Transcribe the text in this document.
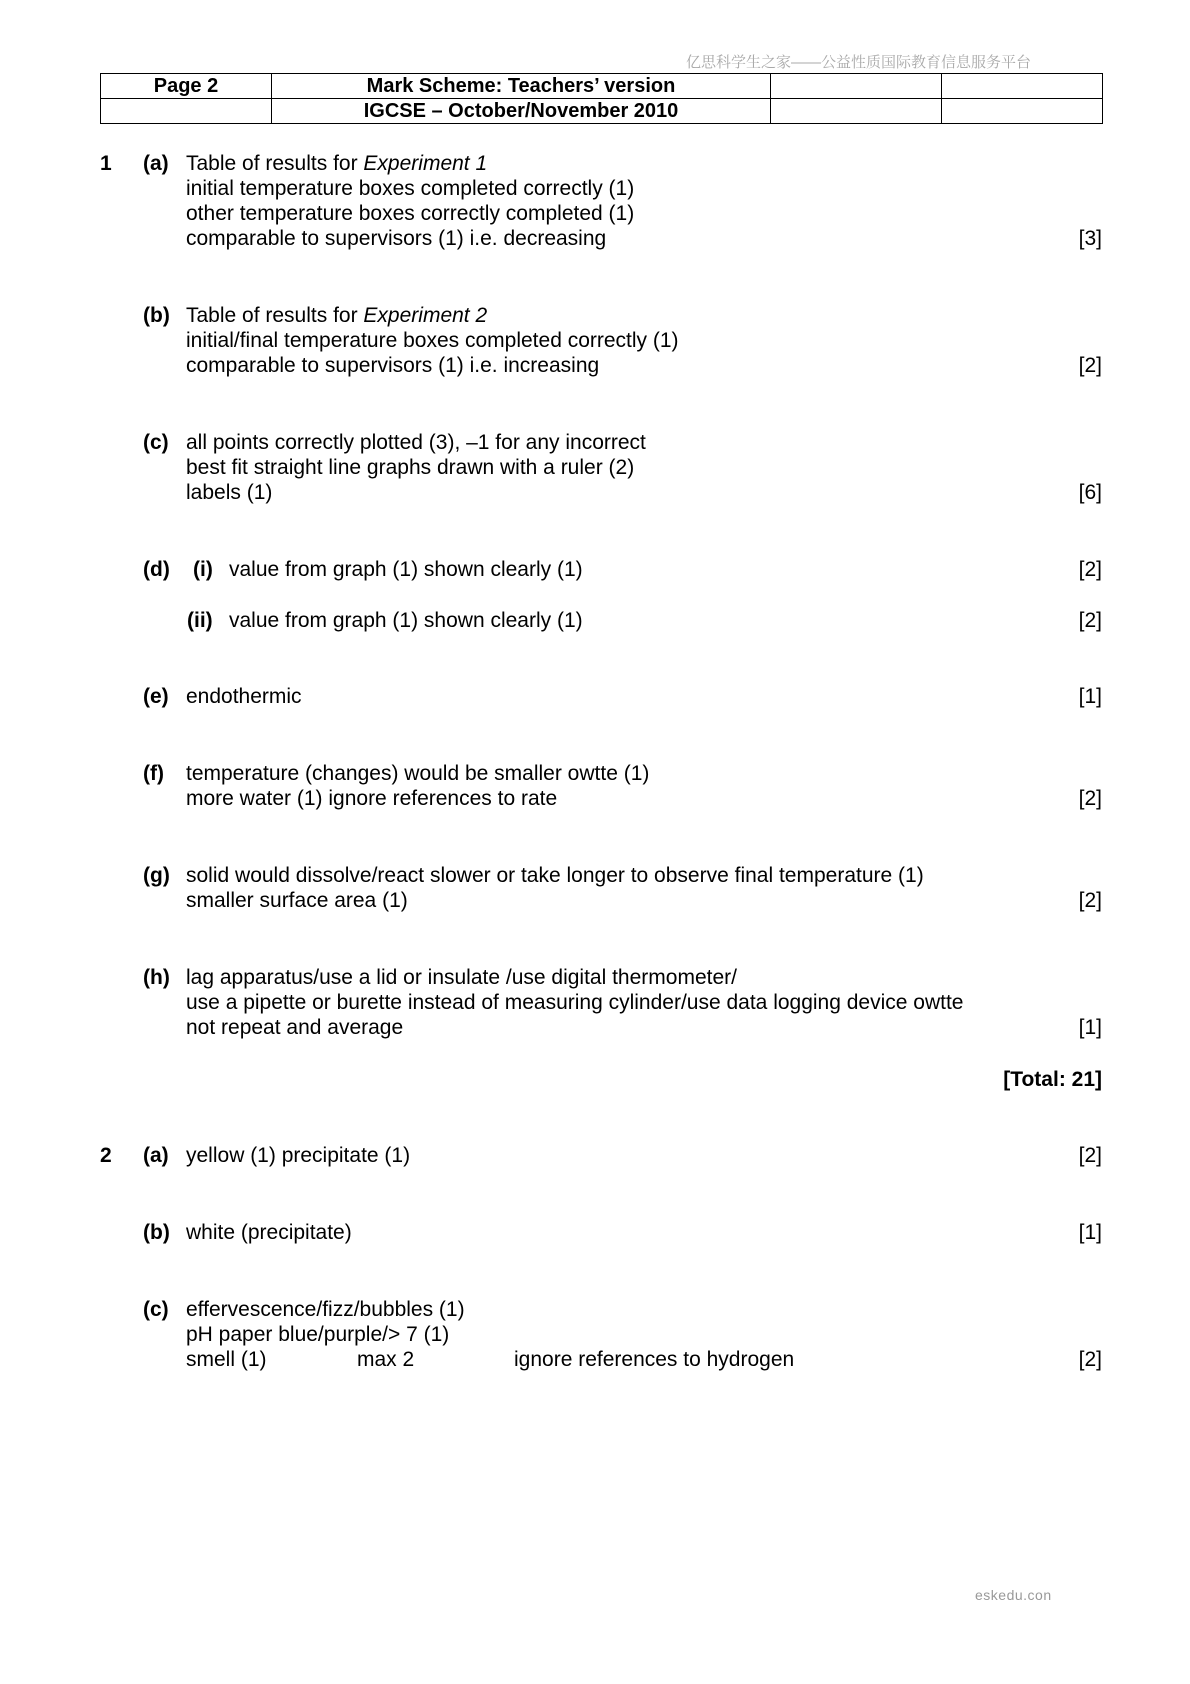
亿思科学生之家——公益性质国际教育信息服务平台
Page 2	Mark Scheme: Teachers’ version		
	IGCSE – October/November 2010		
1 (a) Table of results for Experiment 1
initial temperature boxes completed correctly (1)
other temperature boxes correctly completed (1)
comparable to supervisors (1) i.e. decreasing	[3]
(b) Table of results for Experiment 2
initial/final temperature boxes completed correctly (1)
comparable to supervisors (1) i.e. increasing	[2]
(c) all points correctly plotted (3), –1 for any incorrect
best fit straight line graphs drawn with a ruler (2)
labels (1)	[6]
(d) (i) value from graph (1) shown clearly (1)	[2]
(ii) value from graph (1) shown clearly (1)	[2]
(e) endothermic	[1]
(f) temperature (changes) would be smaller owtte (1)
more water (1) ignore references to rate	[2]
(g) solid would dissolve/react slower or take longer to observe final temperature (1)
smaller surface area (1)	[2]
(h) lag apparatus/use a lid or insulate /use digital thermometer/
use a pipette or burette instead of measuring cylinder/use data logging device owtte
not repeat and average	[1]
[Total: 21]
2 (a) yellow (1) precipitate (1)	[2]
(b) white (precipitate)	[1]
(c) effervescence/fizz/bubbles (1)
pH paper blue/purple/> 7 (1)
smell (1)	max 2	ignore references to hydrogen	[2]
eskedu.con
